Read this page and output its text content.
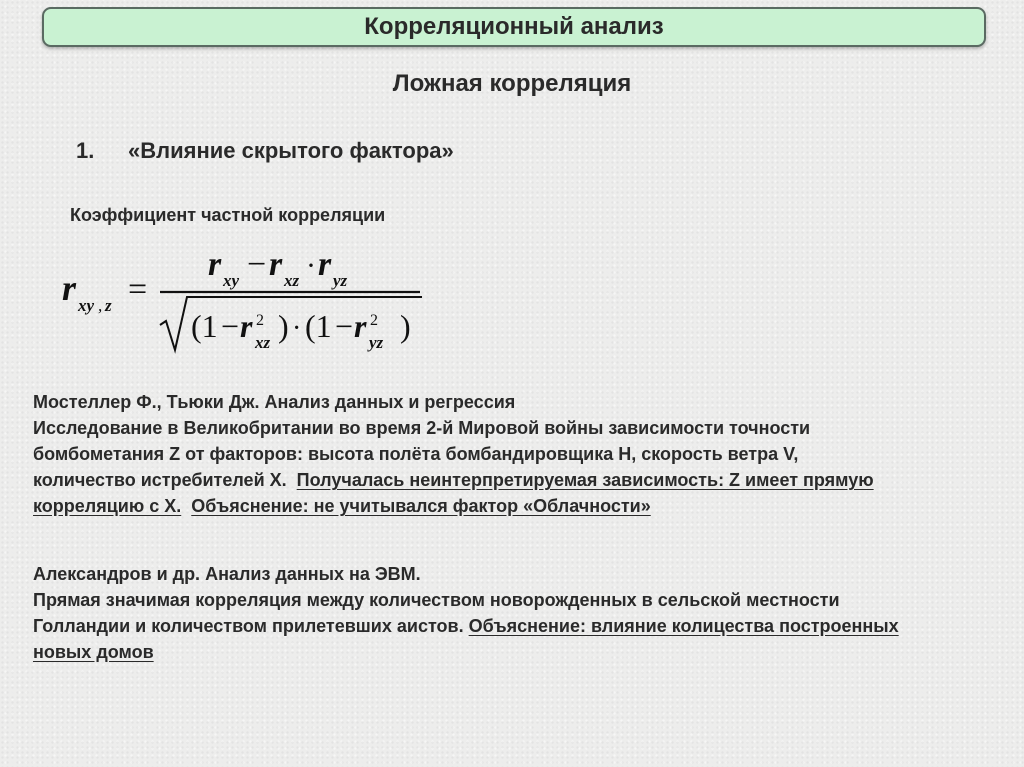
Корреляционный анализ
Ложная корреляция
1. «Влияние скрытого фактора»
Коэффициент частной корреляции
r xy , z =
r xy − r xz · r yz
(1 − r 2
xz ) · (1 − r 2
yz )
Мостеллер Ф., Тьюки Дж. Анализ данных и регрессия
Исследование в Великобритании во время 2-й Мировой войны зависимости точности
бомбометания Z от факторов: высота полёта бомбандировщика H, скорость ветра V,
количество истребителей X. Получалась неинтерпретируемая зависимость: Z имеет прямую
корреляцию с X. Объяснение: не учитывался фактор «Облачности»
Александров и др. Анализ данных на ЭВМ.
Прямая значимая корреляция между количеством новорожденных в сельской местности
Голландии и количеством прилетевших аистов. Объяснение: влияние колицества построенных
новых домов
